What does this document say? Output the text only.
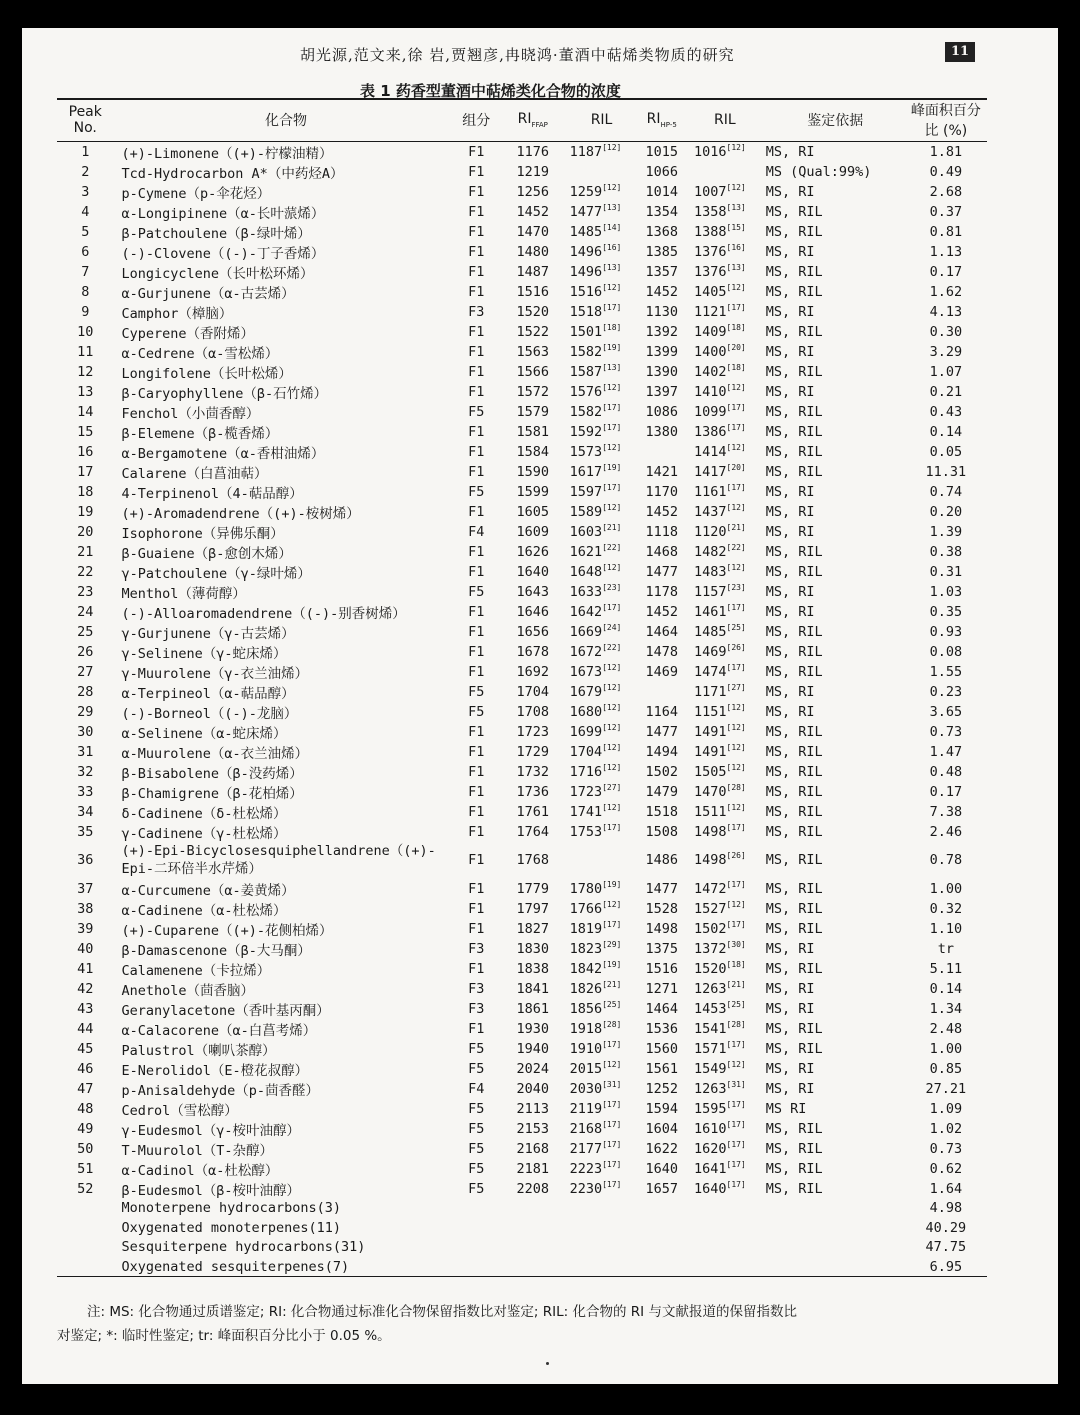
胡光源,范文来,徐 岩,贾翘彦,冉晓鸿·董酒中萜烯类物质的研究	11
表 1 药香型董酒中萜烯类化合物的浓度
Peak No.	化合物	组分	$RI_{FFAP}$	RIL	$RI_{HP-5}$	RIL	鉴定依据	峰面积百分比 (%)
1	(+)-Limonene（(+)-柠檬油精）	F1	1176	1187[12]	1015	1016[12]	MS, RI	1.81
2	Tcd-Hydrocarbon A*（中药烃A）	F1	1219		1066		MS (Qual:99%)	0.49
3	p-Cymene（p-伞花烃）	F1	1256	1259[12]	1014	1007[12]	MS, RI	2.68
4	α-Longipinene（α-长叶蒎烯）	F1	1452	1477[13]	1354	1358[13]	MS, RIL	0.37
5	β-Patchoulene（β-绿叶烯）	F1	1470	1485[14]	1368	1388[15]	MS, RIL	0.81
6	(-)-Clovene（(-)-丁子香烯）	F1	1480	1496[16]	1385	1376[16]	MS, RI	1.13
7	Longicyclene（长叶松环烯）	F1	1487	1496[13]	1357	1376[13]	MS, RIL	0.17
8	α-Gurjunene（α-古芸烯）	F1	1516	1516[12]	1452	1405[12]	MS, RIL	1.62
9	Camphor（樟脑）	F3	1520	1518[17]	1130	1121[17]	MS, RI	4.13
10	Cyperene（香附烯）	F1	1522	1501[18]	1392	1409[18]	MS, RIL	0.30
11	α-Cedrene（α-雪松烯）	F1	1563	1582[19]	1399	1400[20]	MS, RI	3.29
12	Longifolene（长叶松烯）	F1	1566	1587[13]	1390	1402[18]	MS, RIL	1.07
13	β-Caryophyllene（β-石竹烯）	F1	1572	1576[12]	1397	1410[12]	MS, RI	0.21
14	Fenchol（小茴香醇）	F5	1579	1582[17]	1086	1099[17]	MS, RIL	0.43
15	β-Elemene（β-榄香烯）	F1	1581	1592[17]	1380	1386[17]	MS, RIL	0.14
16	α-Bergamotene（α-香柑油烯）	F1	1584	1573[12]		1414[12]	MS, RIL	0.05
17	Calarene（白菖油萜）	F1	1590	1617[19]	1421	1417[20]	MS, RIL	11.31
18	4-Terpinenol（4-萜品醇）	F5	1599	1597[17]	1170	1161[17]	MS, RI	0.74
19	(+)-Aromadendrene（(+)-桉树烯）	F1	1605	1589[12]	1452	1437[12]	MS, RI	0.20
20	Isophorone（异佛乐酮）	F4	1609	1603[21]	1118	1120[21]	MS, RI	1.39
21	β-Guaiene（β-愈创木烯）	F1	1626	1621[22]	1468	1482[22]	MS, RIL	0.38
22	γ-Patchoulene（γ-绿叶烯）	F1	1640	1648[12]	1477	1483[12]	MS, RIL	0.31
23	Menthol（薄荷醇）	F5	1643	1633[23]	1178	1157[23]	MS, RI	1.03
24	(-)-Alloaromadendrene（(-)-别香树烯）	F1	1646	1642[17]	1452	1461[17]	MS, RI	0.35
25	γ-Gurjunene（γ-古芸烯）	F1	1656	1669[24]	1464	1485[25]	MS, RIL	0.93
26	γ-Selinene（γ-蛇床烯）	F1	1678	1672[22]	1478	1469[26]	MS, RIL	0.08
27	γ-Muurolene（γ-衣兰油烯）	F1	1692	1673[12]	1469	1474[17]	MS, RIL	1.55
28	α-Terpineol（α-萜品醇）	F5	1704	1679[12]		1171[27]	MS, RI	0.23
29	(-)-Borneol（(-)-龙脑）	F5	1708	1680[12]	1164	1151[12]	MS, RI	3.65
30	α-Selinene（α-蛇床烯）	F1	1723	1699[12]	1477	1491[12]	MS, RIL	0.73
31	α-Muurolene（α-衣兰油烯）	F1	1729	1704[12]	1494	1491[12]	MS, RIL	1.47
32	β-Bisabolene（β-没药烯）	F1	1732	1716[12]	1502	1505[12]	MS, RIL	0.48
33	β-Chamigrene（β-花柏烯）	F1	1736	1723[27]	1479	1470[28]	MS, RIL	0.17
34	δ-Cadinene（δ-杜松烯）	F1	1761	1741[12]	1518	1511[12]	MS, RIL	7.38
35	γ-Cadinene（γ-杜松烯）	F1	1764	1753[17]	1508	1498[17]	MS, RIL	2.46
36	(+)-Epi-Bicyclosesquiphellandrene（(+)-Epi-二环倍半水芹烯）	F1	1768		1486	1498[26]	MS, RIL	0.78
37	α-Curcumene（α-姜黄烯）	F1	1779	1780[19]	1477	1472[17]	MS, RIL	1.00
38	α-Cadinene（α-杜松烯）	F1	1797	1766[12]	1528	1527[12]	MS, RIL	0.32
39	(+)-Cuparene（(+)-花侧柏烯）	F1	1827	1819[17]	1498	1502[17]	MS, RIL	1.10
40	β-Damascenone（β-大马酮）	F3	1830	1823[29]	1375	1372[30]	MS, RI	tr
41	Calamenene（卡拉烯）	F1	1838	1842[19]	1516	1520[18]	MS, RIL	5.11
42	Anethole（茴香脑）	F3	1841	1826[21]	1271	1263[21]	MS, RI	0.14
43	Geranylacetone（香叶基丙酮）	F3	1861	1856[25]	1464	1453[25]	MS, RI	1.34
44	α-Calacorene（α-白菖考烯）	F1	1930	1918[28]	1536	1541[28]	MS, RIL	2.48
45	Palustrol（喇叭茶醇）	F5	1940	1910[17]	1560	1571[17]	MS, RIL	1.00
46	E-Nerolidol（E-橙花叔醇）	F5	2024	2015[12]	1561	1549[12]	MS, RI	0.85
47	p-Anisaldehyde（p-茴香醛）	F4	2040	2030[31]	1252	1263[31]	MS, RI	27.21
48	Cedrol（雪松醇）	F5	2113	2119[17]	1594	1595[17]	MS RI	1.09
49	γ-Eudesmol（γ-桉叶油醇）	F5	2153	2168[17]	1604	1610[17]	MS, RIL	1.02
50	T-Muurolol（T-杂醇）	F5	2168	2177[17]	1622	1620[17]	MS, RIL	0.73
51	α-Cadinol（α-杜松醇）	F5	2181	2223[17]	1640	1641[17]	MS, RIL	0.62
52	β-Eudesmol（β-桉叶油醇）	F5	2208	2230[17]	1657	1640[17]	MS, RIL	1.64
	Monoterpene hydrocarbons(3)							4.98
	Oxygenated monoterpenes(11)							40.29
	Sesquiterpene hydrocarbons(31)							47.75
	Oxygenated sesquiterpenes(7)							6.95
注: MS: 化合物通过质谱鉴定; RI: 化合物通过标准化合物保留指数比对鉴定; RIL: 化合物的 RI 与文献报道的保留指数比
对鉴定; *: 临时性鉴定; tr: 峰面积百分比小于 0.05 %。
